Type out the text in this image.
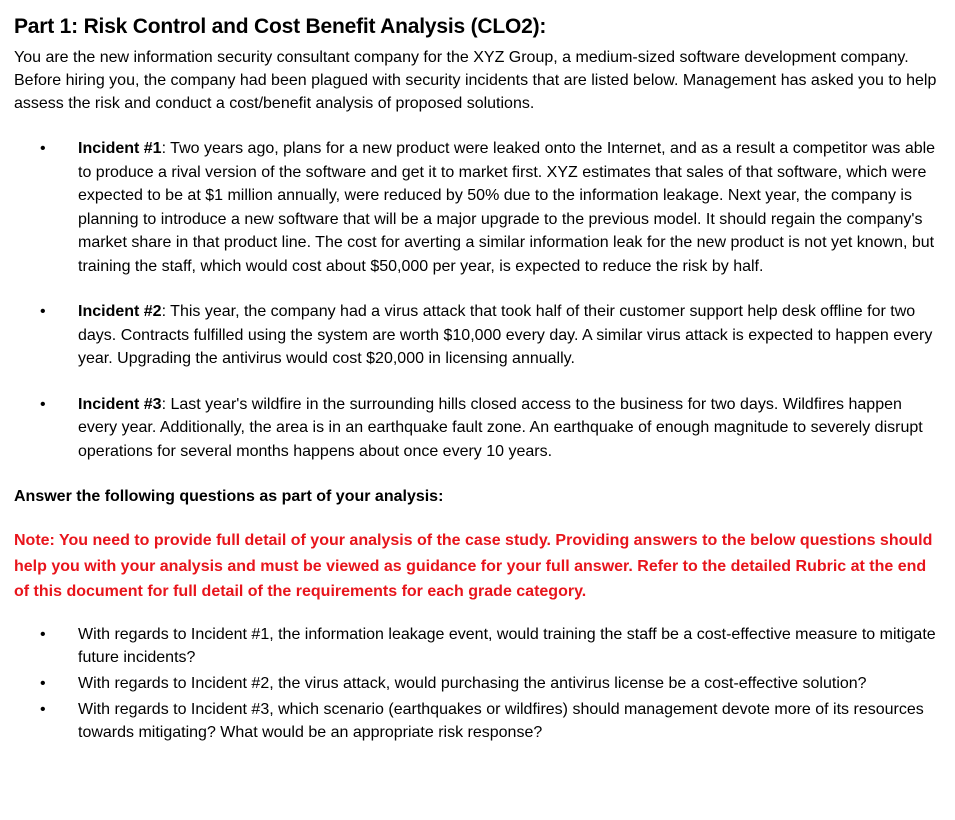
Part 1: Risk Control and Cost Benefit Analysis (CLO2):

You are the new information security consultant company for the XYZ Group, a medium-sized software development company. Before hiring you, the company had been plagued with security incidents that are listed below. Management has asked you to help assess the risk and conduct a cost/benefit analysis of proposed solutions.

• Incident #1: Two years ago, plans for a new product were leaked onto the Internet, and as a result a competitor was able to produce a rival version of the software and get it to market first. XYZ estimates that sales of that software, which were expected to be at $1 million annually, were reduced by 50% due to the information leakage. Next year, the company is planning to introduce a new software that will be a major upgrade to the previous model. It should regain the company's market share in that product line. The cost for averting a similar information leak for the new product is not yet known, but training the staff, which would cost about $50,000 per year, is expected to reduce the risk by half.
• Incident #2: This year, the company had a virus attack that took half of their customer support help desk offline for two days. Contracts fulfilled using the system are worth $10,000 every day. A similar virus attack is expected to happen every year. Upgrading the antivirus would cost $20,000 in licensing annually.
• Incident #3: Last year's wildfire in the surrounding hills closed access to the business for two days. Wildfires happen every year. Additionally, the area is in an earthquake fault zone. An earthquake of enough magnitude to severely disrupt operations for several months happens about once every 10 years.

Answer the following questions as part of your analysis:

Note: You need to provide full detail of your analysis of the case study. Providing answers to the below questions should help you with your analysis and must be viewed as guidance for your full answer. Refer to the detailed Rubric at the end of this document for full detail of the requirements for each grade category.

• With regards to Incident #1, the information leakage event, would training the staff be a cost-effective measure to mitigate future incidents?
• With regards to Incident #2, the virus attack, would purchasing the antivirus license be a cost-effective solution?
• With regards to Incident #3, which scenario (earthquakes or wildfires) should management devote more of its resources towards mitigating? What would be an appropriate risk response?
